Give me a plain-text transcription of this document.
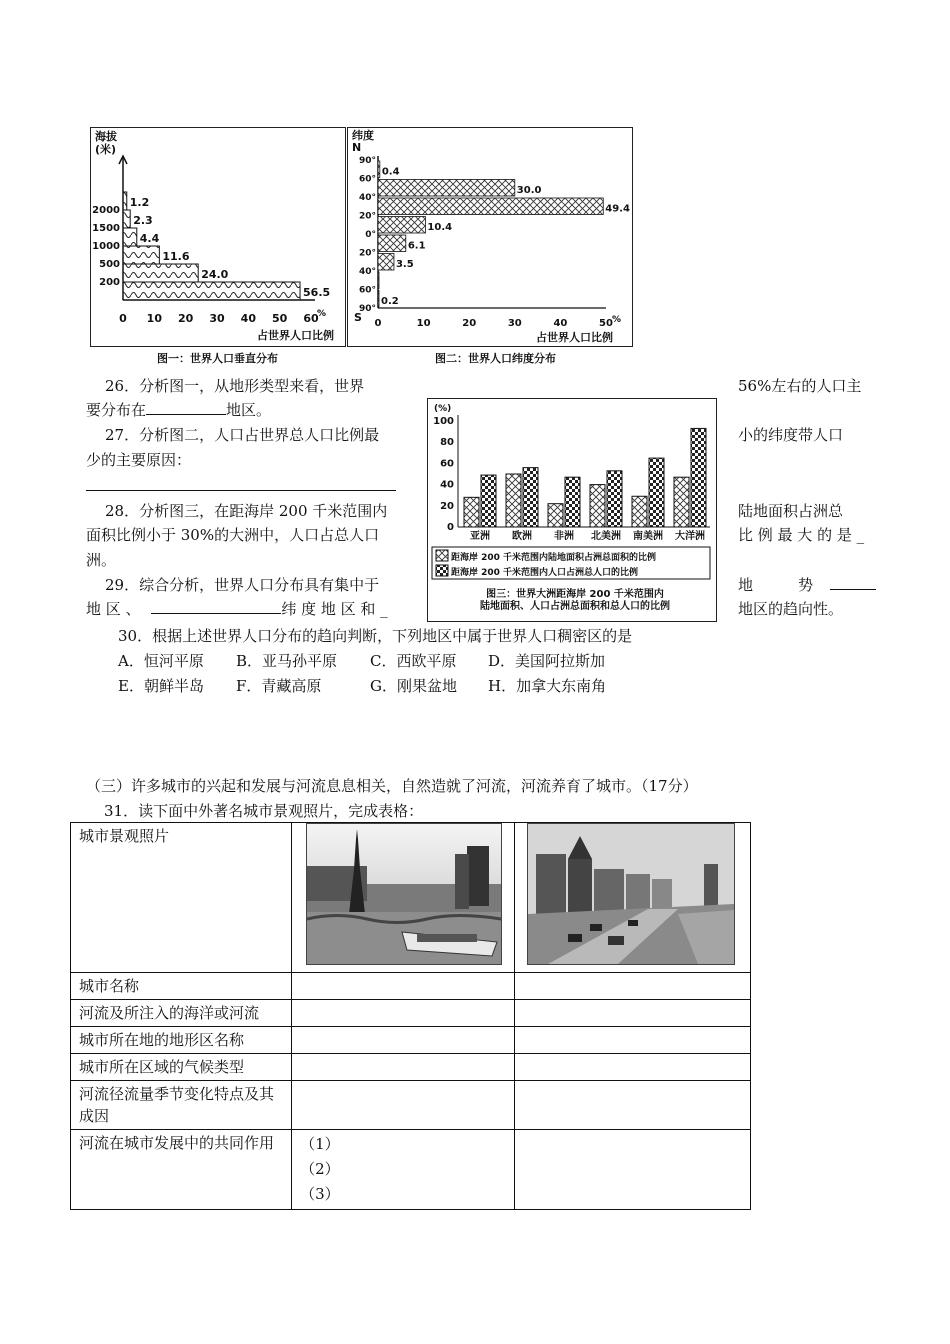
56.5
24.0
11.6
4.4
2.3
1.2
2000
1500
1000
500
200
0 10 20 30 40 50 60
%
海拔
(米)
占世界人口比例
图一：世界人口垂直分布
0.4
30.0
49.4
10.4
6.1
3.5
0.2
90°
60°
40°
20°
0°
20°
40°
60°
90°
0	10	20	30	40	50 %
纬度
N
S
占世界人口比例
图二：世界人口纬度分布
(%)
100
80
60
40
20
0
亚洲 欧洲 非洲 北美洲 南美洲 大洋洲
距海岸 200 千米范围内陆地面积占洲总面积的比例
距海岸 200 千米范围内人口占洲总人口的比例
图三：世界大洲距海岸 200 千米范围内
陆地面积、人口占洲总面积和总人口的比例
26．分析图一，从地形类型来看，世界	56%左右的人口主
要分布在	地区。
27．分析图二，人口占世界总人口比例最	小的纬度带人口
少的主要原因：
28．分析图三，在距海岸 200 千米范围内	陆地面积占洲总
面积比例小于 30%的大洲中，人口占总人口	比 例 最 大 的 是 _
洲。
29．综合分析，世界人口分布具有集中于	地　　　势
地 区 、	纬 度 地 区 和 _	地区的趋向性。
30．根据上述世界人口分布的趋向判断，下列地区中属于世界人口稠密区的是
A．恒河平原 B．亚马孙平原 C．西欧平原 D．美国阿拉斯加
E．朝鲜半岛 F．青藏高原	G．刚果盆地 H．加拿大东南角
（三）许多城市的兴起和发展与河流息息相关，自然造就了河流，河流养育了城市。（17分）
31．读下面中外著名城市景观照片，完成表格：
城市景观照片	

城市名称		
河流及所注入的海洋或河流		
城市所在地的地形区名称		
城市所在区域的气候类型		
河流径流量季节变化特点及其成因		
河流在城市发展中的共同作用	（1）
（2）
（3）	
